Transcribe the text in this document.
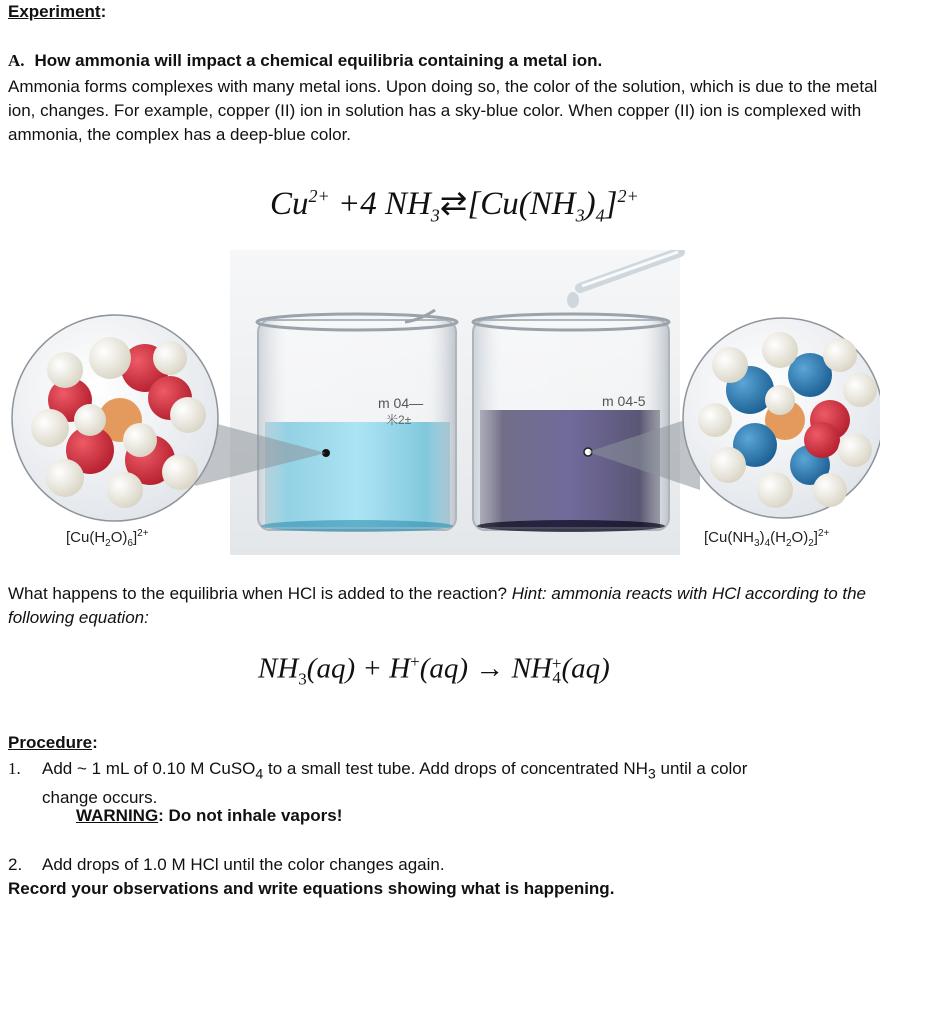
Experiment:
A. How ammonia will impact a chemical equilibria containing a metal ion.
Ammonia forms complexes with many metal ions. Upon doing so, the color of the solution, which is due to the metal ion, changes. For example, copper (II) ion in solution has a sky-blue color. When copper (II) ion is complexed with ammonia, the complex has a deep-blue color.
$Cu^{2+} +4$ $NH_3⇄[Cu(NH_3)_4]^{2+}$
m 04—
米2±
m 04-5
$[Cu(H_2O)_6]^{2+}$	$[Cu(NH_3)_4(H_2O)_2]^{2+}$
What happens to the equilibria when HCl is added to the reaction? Hint: ammonia reacts with HCl according to the following equation:
$NH_3(aq) + H^+(aq)$ → NH +
4 (aq)
Procedure:
1. Add ~ 1 mL of 0.10 M CuSO$_4$ to a small test tube. Add drops of concentrated $NH_3$ until a color
change occurs.
WARNING: Do not inhale vapors!
2. Add drops of 1.0 M HCl until the color changes again.
Record your observations and write equations showing what is happening.
